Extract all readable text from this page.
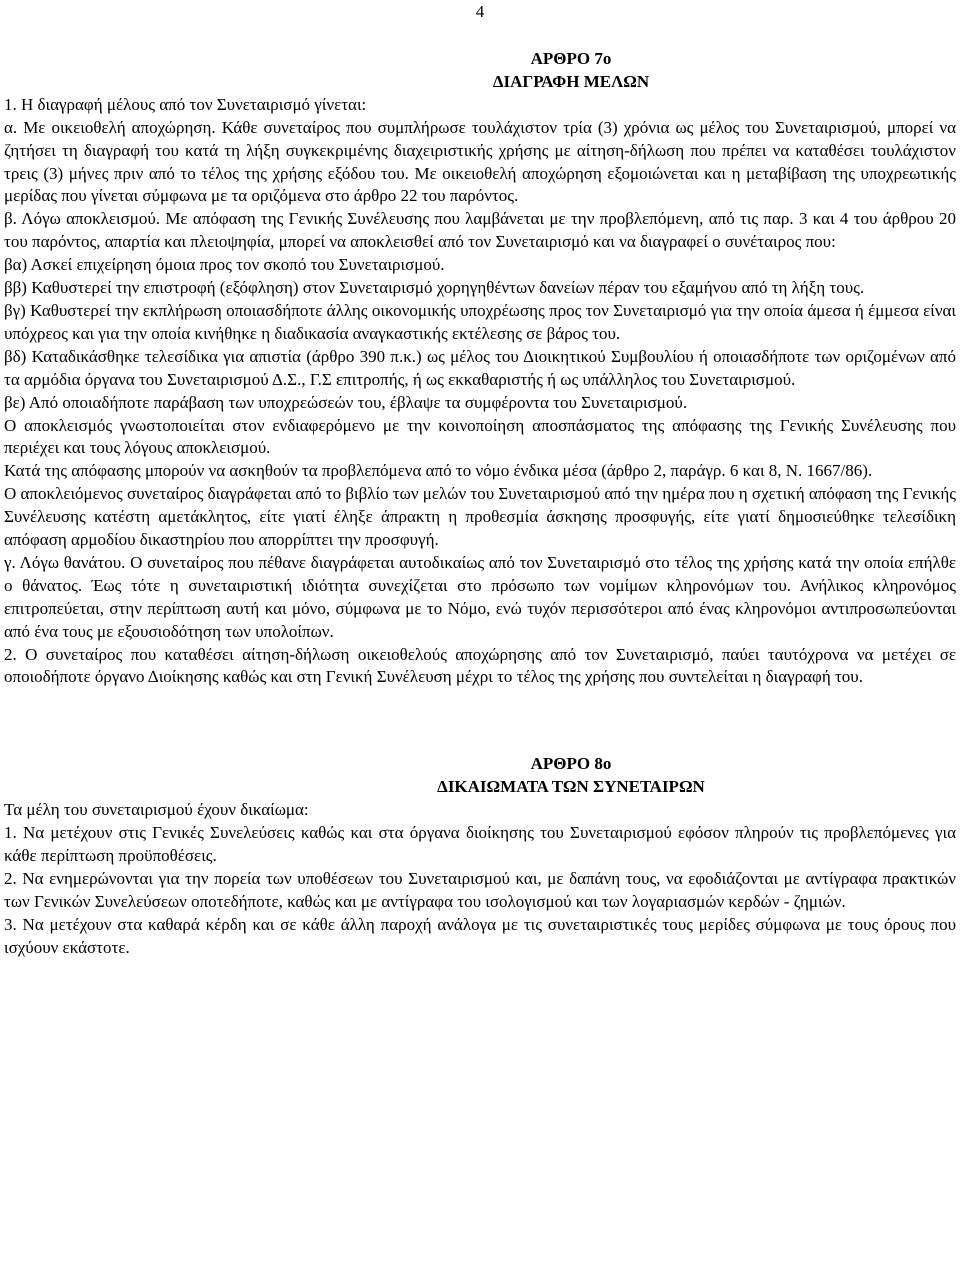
4
ΑΡΘΡΟ 7ο
ΔΙΑΓΡΑΦΗ ΜΕΛΩΝ

1. Η διαγραφή μέλους από τον Συνεταιρισμό γίνεται:

α. Με οικειοθελή αποχώρηση. Κάθε συνεταίρος που συμπλήρωσε τουλάχιστον τρία (3) χρόνια ως μέλος του Συνεταιρισμού, μπορεί να ζητήσει τη διαγραφή του κατά τη λήξη συγκεκριμένης διαχειριστικής χρήσης με αίτηση-δήλωση που πρέπει να καταθέσει τουλάχιστον τρεις (3) μήνες πριν από το τέλος της χρήσης εξόδου του. Με οικειοθελή αποχώρηση εξομοιώνεται και η μεταβίβαση της υποχρεωτικής μερίδας που γίνεται σύμφωνα με τα οριζόμενα στο άρθρο 22 του παρόντος.

β. Λόγω αποκλεισμού. Με απόφαση της Γενικής Συνέλευσης που λαμβάνεται με την προβλεπόμενη, από τις παρ. 3 και 4 του άρθρου 20 του παρόντος, απαρτία και πλειοψηφία, μπορεί να αποκλεισθεί από τον Συνεταιρισμό και να διαγραφεί ο συνέταιρος που:

βα) Ασκεί επιχείρηση όμοια προς τον σκοπό του Συνεταιρισμού.

ββ) Καθυστερεί την επιστροφή (εξόφληση) στον Συνεταιρισμό χορηγηθέντων δανείων πέραν του εξαμήνου από τη λήξη τους.

βγ) Καθυστερεί την εκπλήρωση οποιασδήποτε άλλης οικονομικής υποχρέωσης προς τον Συνεταιρισμό για την οποία άμεσα ή έμμεσα είναι υπόχρεος και για την οποία κινήθηκε η διαδικασία αναγκαστικής εκτέλεσης σε βάρος του.

βδ) Καταδικάσθηκε τελεσίδικα για απιστία (άρθρο 390 π.κ.) ως μέλος του Διοικητικού Συμβουλίου ή οποιασδήποτε των οριζομένων από τα αρμόδια όργανα του Συνεταιρισμού Δ.Σ., Γ.Σ επιτροπής, ή ως εκκαθαριστής ή ως υπάλληλος του Συνεταιρισμού.

βε) Από οποιαδήποτε παράβαση των υποχρεώσεών του, έβλαψε τα συμφέροντα του Συνεταιρισμού.

Ο αποκλεισμός γνωστοποιείται στον ενδιαφερόμενο με την κοινοποίηση αποσπάσματος της απόφασης της Γενικής Συνέλευσης που περιέχει και τους λόγους αποκλεισμού.

Κατά της απόφασης μπορούν να ασκηθούν τα προβλεπόμενα από το νόμο ένδικα μέσα (άρθρο 2, παράγρ. 6 και 8, Ν. 1667/86).

Ο αποκλειόμενος συνεταίρος διαγράφεται από το βιβλίο των μελών του Συνεταιρισμού από την ημέρα που η σχετική απόφαση της Γενικής Συνέλευσης κατέστη αμετάκλητος, είτε γιατί έληξε άπρακτη η προθεσμία άσκησης προσφυγής, είτε γιατί δημοσιεύθηκε τελεσίδικη απόφαση αρμοδίου δικαστηρίου που απορρίπτει την προσφυγή.

γ. Λόγω θανάτου. Ο συνεταίρος που πέθανε διαγράφεται αυτοδικαίως από τον Συνεταιρισμό στο τέλος της χρήσης κατά την οποία επήλθε ο θάνατος. Έως τότε η συνεταιριστική ιδιότητα συνεχίζεται στο πρόσωπο των νομίμων κληρονόμων του. Ανήλικος κληρονόμος επιτροπεύεται, στην περίπτωση αυτή και μόνο, σύμφωνα με το Νόμο, ενώ τυχόν περισσότεροι από ένας κληρονόμοι αντιπροσωπεύονται από ένα τους με εξουσιοδότηση των υπολοίπων.

2. Ο συνεταίρος που καταθέσει αίτηση-δήλωση οικειοθελούς αποχώρησης από τον Συνεταιρισμό, παύει ταυτόχρονα να μετέχει σε οποιοδήποτε όργανο Διοίκησης καθώς και στη Γενική Συνέλευση μέχρι το τέλος της χρήσης που συντελείται η διαγραφή του.

ΑΡΘΡΟ 8ο
ΔΙΚΑΙΩΜΑΤΑ ΤΩΝ ΣΥΝΕΤΑΙΡΩΝ

Τα μέλη του συνεταιρισμού έχουν δικαίωμα:

1. Να μετέχουν στις Γενικές Συνελεύσεις καθώς και στα όργανα διοίκησης του Συνεταιρισμού εφόσον πληρούν τις προβλεπόμενες για κάθε περίπτωση προϋποθέσεις.

2. Να ενημερώνονται για την πορεία των υποθέσεων του Συνεταιρισμού και, με δαπάνη τους, να εφοδιάζονται με αντίγραφα πρακτικών των Γενικών Συνελεύσεων οποτεδήποτε, καθώς και με αντίγραφα του ισολογισμού και των λογαριασμών κερδών - ζημιών.

3. Να μετέχουν στα καθαρά κέρδη και σε κάθε άλλη παροχή ανάλογα με τις συνεταιριστικές τους μερίδες σύμφωνα με τους όρους που ισχύουν εκάστοτε.
